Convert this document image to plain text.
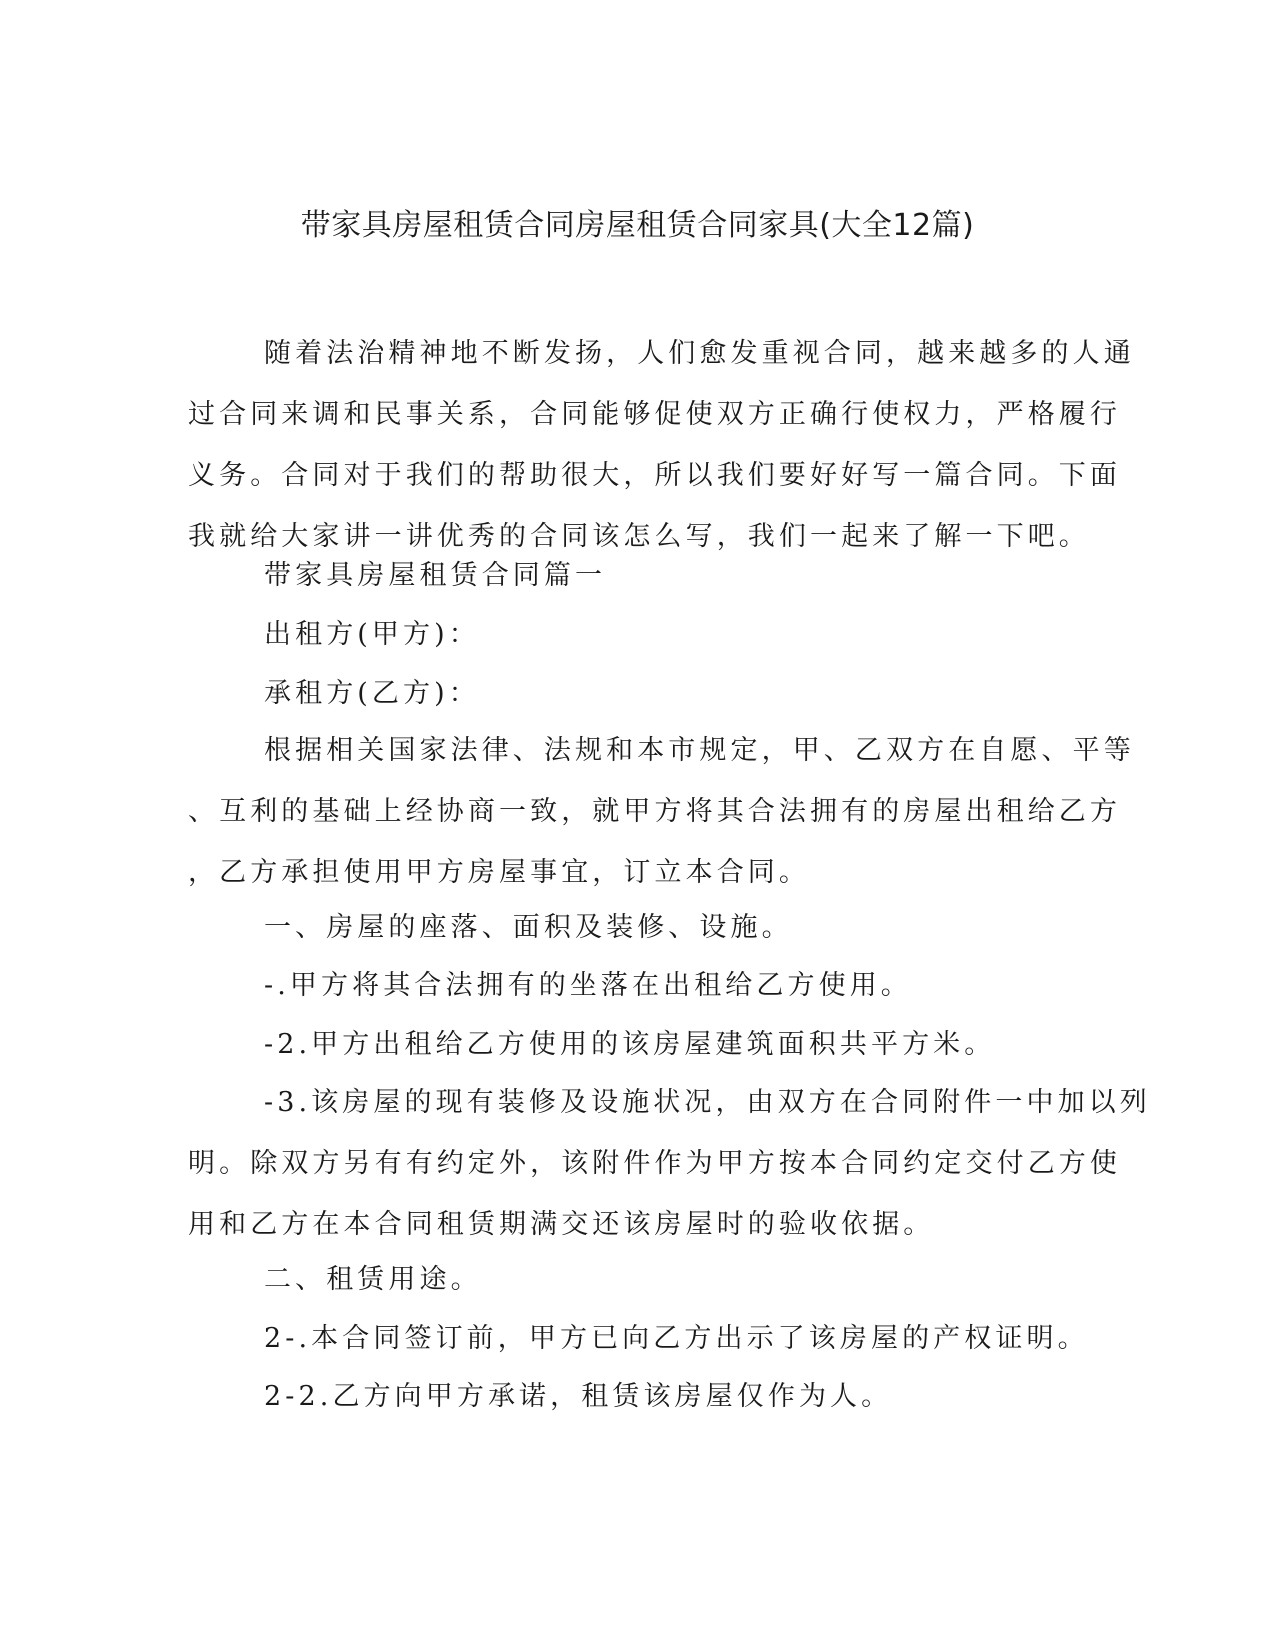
带家具房屋租赁合同房屋租赁合同家具(大全12篇)
随着法治精神地不断发扬，人们愈发重视合同，越来越多的人通
过合同来调和民事关系，合同能够促使双方正确行使权力，严格履行
义务。合同对于我们的帮助很大，所以我们要好好写一篇合同。下面
我就给大家讲一讲优秀的合同该怎么写，我们一起来了解一下吧。
带家具房屋租赁合同篇一
出租方(甲方)：
承租方(乙方)：
根据相关国家法律、法规和本市规定，甲、乙双方在自愿、平等
、互利的基础上经协商一致，就甲方将其合法拥有的房屋出租给乙方
，乙方承担使用甲方房屋事宜，订立本合同。
一、房屋的座落、面积及装修、设施。
-.甲方将其合法拥有的坐落在出租给乙方使用。
-2.甲方出租给乙方使用的该房屋建筑面积共平方米。
-3.该房屋的现有装修及设施状况，由双方在合同附件一中加以列
明。除双方另有有约定外，该附件作为甲方按本合同约定交付乙方使
用和乙方在本合同租赁期满交还该房屋时的验收依据。
二、租赁用途。
2-.本合同签订前，甲方已向乙方出示了该房屋的产权证明。
2-2.乙方向甲方承诺，租赁该房屋仅作为人。
